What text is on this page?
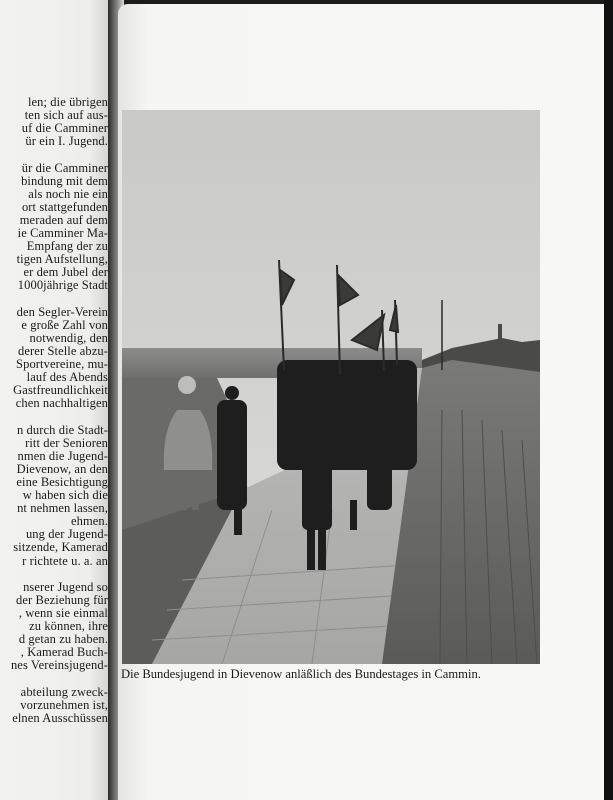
len; die übrigen
ten sich auf aus-
uf die Camminer
ür ein I. Jugend.
ür die Camminer
bindung mit dem
als noch nie ein
ort stattgefunden
meraden auf dem
ie Camminer Ma-
Empfang der zu
tigen Aufstellung,
er dem Jubel der
1000jährige Stadt
den Segler-Verein
e große Zahl von
notwendig, den
derer Stelle abzu-
Sportvereine, mu-
lauf des Abends
Gastfreundlichkeit
chen nachhaltigen
n durch die Stadt-
ritt der Senioren
nmen die Jugend-
Dievenow, an den
eine Besichtigung
w haben sich die
nt nehmen lassen,
ehmen.
ung der Jugend-
sitzende, Kamerad
r richtete u. a. an
nserer Jugend so
der Beziehung für
, wenn sie einmal
zu können, ihre
d getan zu haben.
, Kamerad Buch-
nes Vereinsjugend-
abteilung zweck-
vorzunehmen ist,
elnen Ausschüssen
Die Bundesjugend in Dievenow anläßlich des Bundestages in Cammin.
